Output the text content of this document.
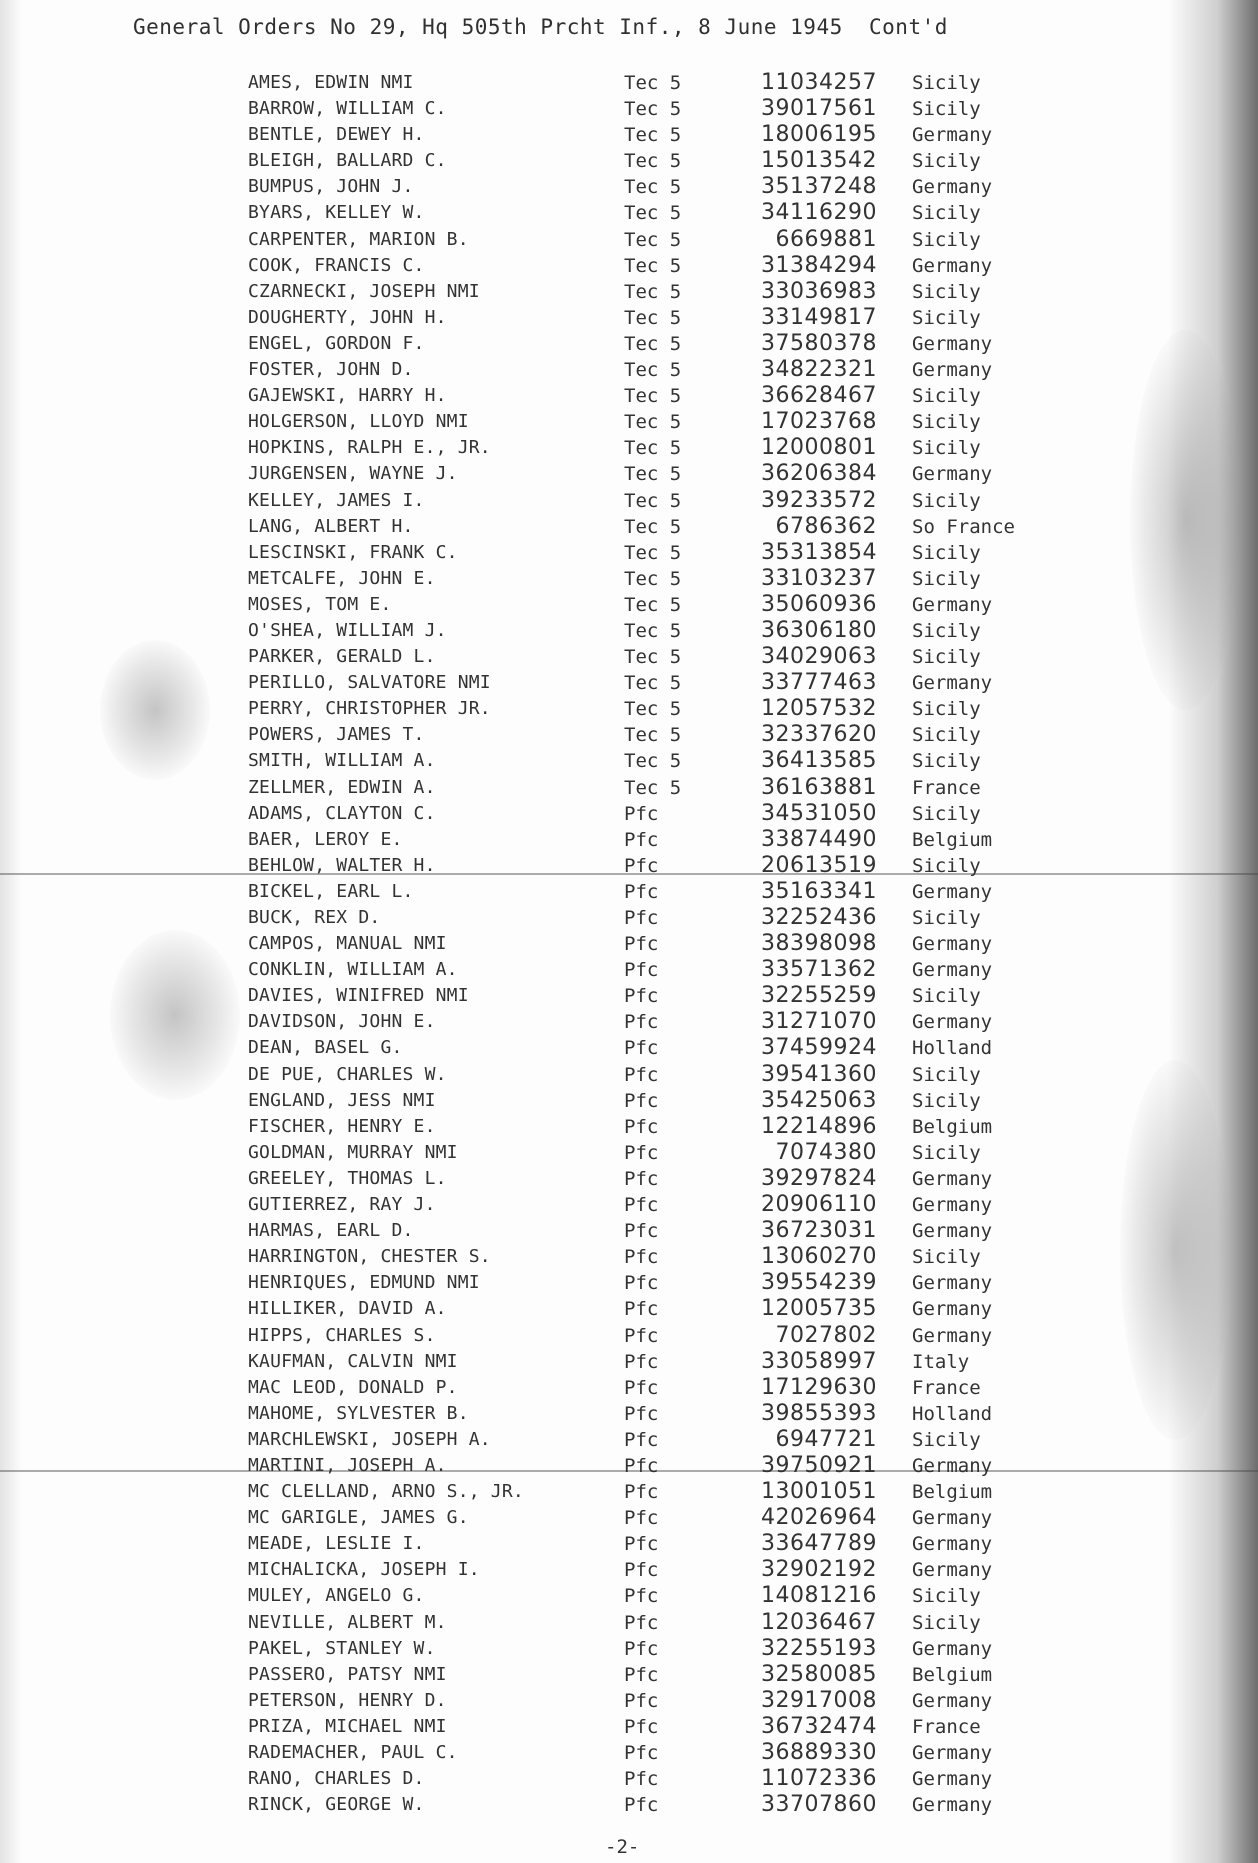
General Orders No 29, Hq 505th Prcht Inf., 8 June 1945  Cont'd
AMES, EDWIN NMI	Tec 5	11034257 Sicily
BARROW, WILLIAM C.	Tec 5	39017561 Sicily
BENTLE, DEWEY H.	Tec 5	18006195 Germany
BLEIGH, BALLARD C.	Tec 5	15013542 Sicily
BUMPUS, JOHN J.	Tec 5	35137248 Germany
BYARS, KELLEY W.	Tec 5	34116290 Sicily
CARPENTER, MARION B.	Tec 5	6669881 Sicily
COOK, FRANCIS C.	Tec 5	31384294 Germany
CZARNECKI, JOSEPH NMI	Tec 5	33036983 Sicily
DOUGHERTY, JOHN H.	Tec 5	33149817 Sicily
ENGEL, GORDON F.	Tec 5	37580378 Germany
FOSTER, JOHN D.	Tec 5	34822321 Germany
GAJEWSKI, HARRY H.	Tec 5	36628467 Sicily
HOLGERSON, LLOYD NMI	Tec 5	17023768 Sicily
HOPKINS, RALPH E., JR.	Tec 5	12000801 Sicily
JURGENSEN, WAYNE J.	Tec 5	36206384 Germany
KELLEY, JAMES I.	Tec 5	39233572 Sicily
LANG, ALBERT H.	Tec 5	6786362 So France
LESCINSKI, FRANK C.	Tec 5	35313854 Sicily
METCALFE, JOHN E.	Tec 5	33103237 Sicily
MOSES, TOM E.	Tec 5	35060936 Germany
O'SHEA, WILLIAM J.	Tec 5	36306180 Sicily
PARKER, GERALD L.	Tec 5	34029063 Sicily
PERILLO, SALVATORE NMI	Tec 5	33777463 Germany
PERRY, CHRISTOPHER JR.	Tec 5	12057532 Sicily
POWERS, JAMES T.	Tec 5	32337620 Sicily
SMITH, WILLIAM A.	Tec 5	36413585 Sicily
ZELLMER, EDWIN A.	Tec 5	36163881 France
ADAMS, CLAYTON C.	Pfc	34531050 Sicily
BAER, LEROY E.	Pfc	33874490 Belgium
BEHLOW, WALTER H.	Pfc	20613519 Sicily
BICKEL, EARL L.	Pfc	35163341 Germany
BUCK, REX D.	Pfc	32252436 Sicily
CAMPOS, MANUAL NMI	Pfc	38398098 Germany
CONKLIN, WILLIAM A.	Pfc	33571362 Germany
DAVIES, WINIFRED NMI	Pfc	32255259 Sicily
DAVIDSON, JOHN E.	Pfc	31271070 Germany
DEAN, BASEL G.	Pfc	37459924 Holland
DE PUE, CHARLES W.	Pfc	39541360 Sicily
ENGLAND, JESS NMI	Pfc	35425063 Sicily
FISCHER, HENRY E.	Pfc	12214896 Belgium
GOLDMAN, MURRAY NMI	Pfc	7074380 Sicily
GREELEY, THOMAS L.	Pfc	39297824 Germany
GUTIERREZ, RAY J.	Pfc	20906110 Germany
HARMAS, EARL D.	Pfc	36723031 Germany
HARRINGTON, CHESTER S.	Pfc	13060270 Sicily
HENRIQUES, EDMUND NMI	Pfc	39554239 Germany
HILLIKER, DAVID A.	Pfc	12005735 Germany
HIPPS, CHARLES S.	Pfc	7027802 Germany
KAUFMAN, CALVIN NMI	Pfc	33058997 Italy
MAC LEOD, DONALD P.	Pfc	17129630 France
MAHOME, SYLVESTER B.	Pfc	39855393 Holland
MARCHLEWSKI, JOSEPH A.	Pfc	6947721 Sicily
MARTINI, JOSEPH A.	Pfc	39750921 Germany
MC CLELLAND, ARNO S., JR.	Pfc	13001051 Belgium
MC GARIGLE, JAMES G.	Pfc	42026964 Germany
MEADE, LESLIE I.	Pfc	33647789 Germany
MICHALICKA, JOSEPH I.	Pfc	32902192 Germany
MULEY, ANGELO G.	Pfc	14081216 Sicily
NEVILLE, ALBERT M.	Pfc	12036467 Sicily
PAKEL, STANLEY W.	Pfc	32255193 Germany
PASSERO, PATSY NMI	Pfc	32580085 Belgium
PETERSON, HENRY D.	Pfc	32917008 Germany
PRIZA, MICHAEL NMI	Pfc	36732474 France
RADEMACHER, PAUL C.	Pfc	36889330 Germany
RANO, CHARLES D.	Pfc	11072336 Germany
RINCK, GEORGE W.	Pfc	33707860 Germany
-2-
